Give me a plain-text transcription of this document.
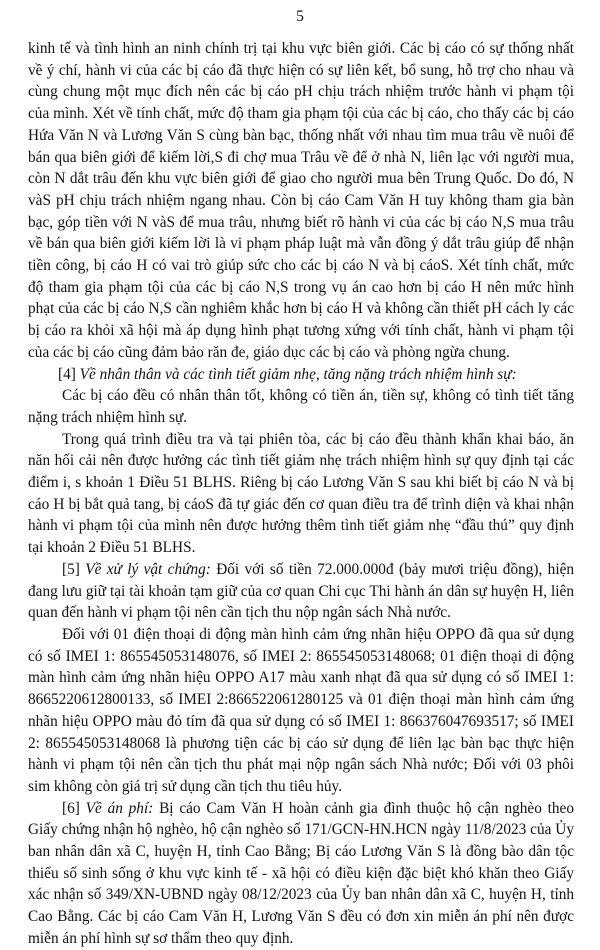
5

kinh tế và tình hình an ninh chính trị tại khu vực biên giới. Các bị cáo có sự thống nhất về ý chí, hành vi của các bị cáo đã thực hiện có sự liên kết, bổ sung, hỗ trợ cho nhau và cùng chung một mục đích nên các bị cáo pH chịu trách nhiệm trước hành vi phạm tội của mình. Xét về tính chất, mức độ tham gia phạm tội của các bị cáo, cho thấy các bị cáo Hứa Văn N và Lương Văn S cùng bàn bạc, thống nhất với nhau tìm mua trâu về nuôi để bán qua biên giới để kiếm lời,S đi chợ mua Trâu về để ở nhà N, liên lạc với người mua, còn N dắt trâu đến khu vực biên giới để giao cho người mua bên Trung Quốc. Do đó, N vàS pH chịu trách nhiệm ngang nhau. Còn bị cáo Cam Văn H tuy không tham gia bàn bạc, góp tiền với N vàS để mua trâu, nhưng biết rõ hành vi của các bị cáo N,S mua trâu về bán qua biên giới kiếm lời là vi phạm pháp luật mà vẫn đồng ý dắt trâu giúp để nhận tiền công, bị cáo H có vai trò giúp sức cho các bị cáo N và bị cáoS. Xét tính chất, mức độ tham gia phạm tội của các bị cáo N,S trong vụ án cao hơn bị cáo H nên mức hình phạt của các bị cáo N,S cần nghiêm khắc hơn bị cáo H và không cần thiết pH cách ly các bị cáo ra khỏi xã hội mà áp dụng hình phạt tương xứng với tính chất, hành vi phạm tội của các bị cáo cũng đảm bảo răn đe, giáo dục các bị cáo và phòng ngừa chung.

[4] Về nhân thân và các tình tiết giảm nhẹ, tăng nặng trách nhiệm hình sự:

Các bị cáo đều có nhân thân tốt, không có tiền án, tiền sự, không có tình tiết tăng nặng trách nhiệm hình sự.

Trong quá trình điều tra và tại phiên tòa, các bị cáo đều thành khẩn khai báo, ăn năn hối cải nên được hưởng các tình tiết giảm nhẹ trách nhiệm hình sự quy định tại các điểm i, s khoản 1 Điều 51 BLHS. Riêng bị cáo Lương Văn S sau khi biết bị cáo N và bị cáo H bị bắt quả tang, bị cáoS đã tự giác đến cơ quan điều tra để trình diện và khai nhận hành vi phạm tội của mình nên được hưởng thêm tình tiết giảm nhẹ “đầu thú” quy định tại khoản 2 Điều 51 BLHS.

[5] Về xử lý vật chứng: Đối với số tiền 72.000.000đ (bảy mươi triệu đồng), hiện đang lưu giữ tại tài khoản tạm giữ của cơ quan Chi cục Thi hành án dân sự huyện H, liên quan đến hành vi phạm tội nên cần tịch thu nộp ngân sách Nhà nước.

Đối với 01 điện thoại di động màn hình cảm ứng nhãn hiệu OPPO đã qua sử dụng có số IMEI 1: 865545053148076, số IMEI 2: 865545053148068; 01 điện thoại di động màn hình cảm ứng nhãn hiệu OPPO A17 màu xanh nhạt đã qua sử dụng có số IMEI 1: 8665220612800133, số IMEI 2:866522061280125 và 01 điện thoại màn hình cảm ứng nhãn hiệu OPPO màu đỏ tím đã qua sử dụng có số IMEI 1: 866376047693517; số IMEI 2: 865545053148068 là phương tiện các bị cáo sử dụng để liên lạc bàn bạc thực hiện hành vi phạm tội nên cần tịch thu phát mại nộp ngân sách Nhà nước; Đối với 03 phôi sim không còn giá trị sử dụng cần tịch thu tiêu hủy.

[6] Về án phí: Bị cáo Cam Văn H hoàn cảnh gia đình thuộc hộ cận nghèo theo Giấy chứng nhận hộ nghèo, hộ cận nghèo số 171/GCN-HN.HCN ngày 11/8/2023 của Ủy ban nhân dân xã C, huyện H, tỉnh Cao Bằng; Bị cáo Lương Văn S là đồng bào dân tộc thiểu số sinh sống ở khu vực kinh tế - xã hội có điều kiện đặc biệt khó khăn theo Giấy xác nhận số 349/XN-UBND ngày 08/12/2023 của Ủy ban nhân dân xã C, huyện H, tỉnh Cao Bằng. Các bị cáo Cam Văn H, Lương Văn S đều có đơn xin miễn án phí nên được miễn án phí hình sự sơ thẩm theo quy định.
